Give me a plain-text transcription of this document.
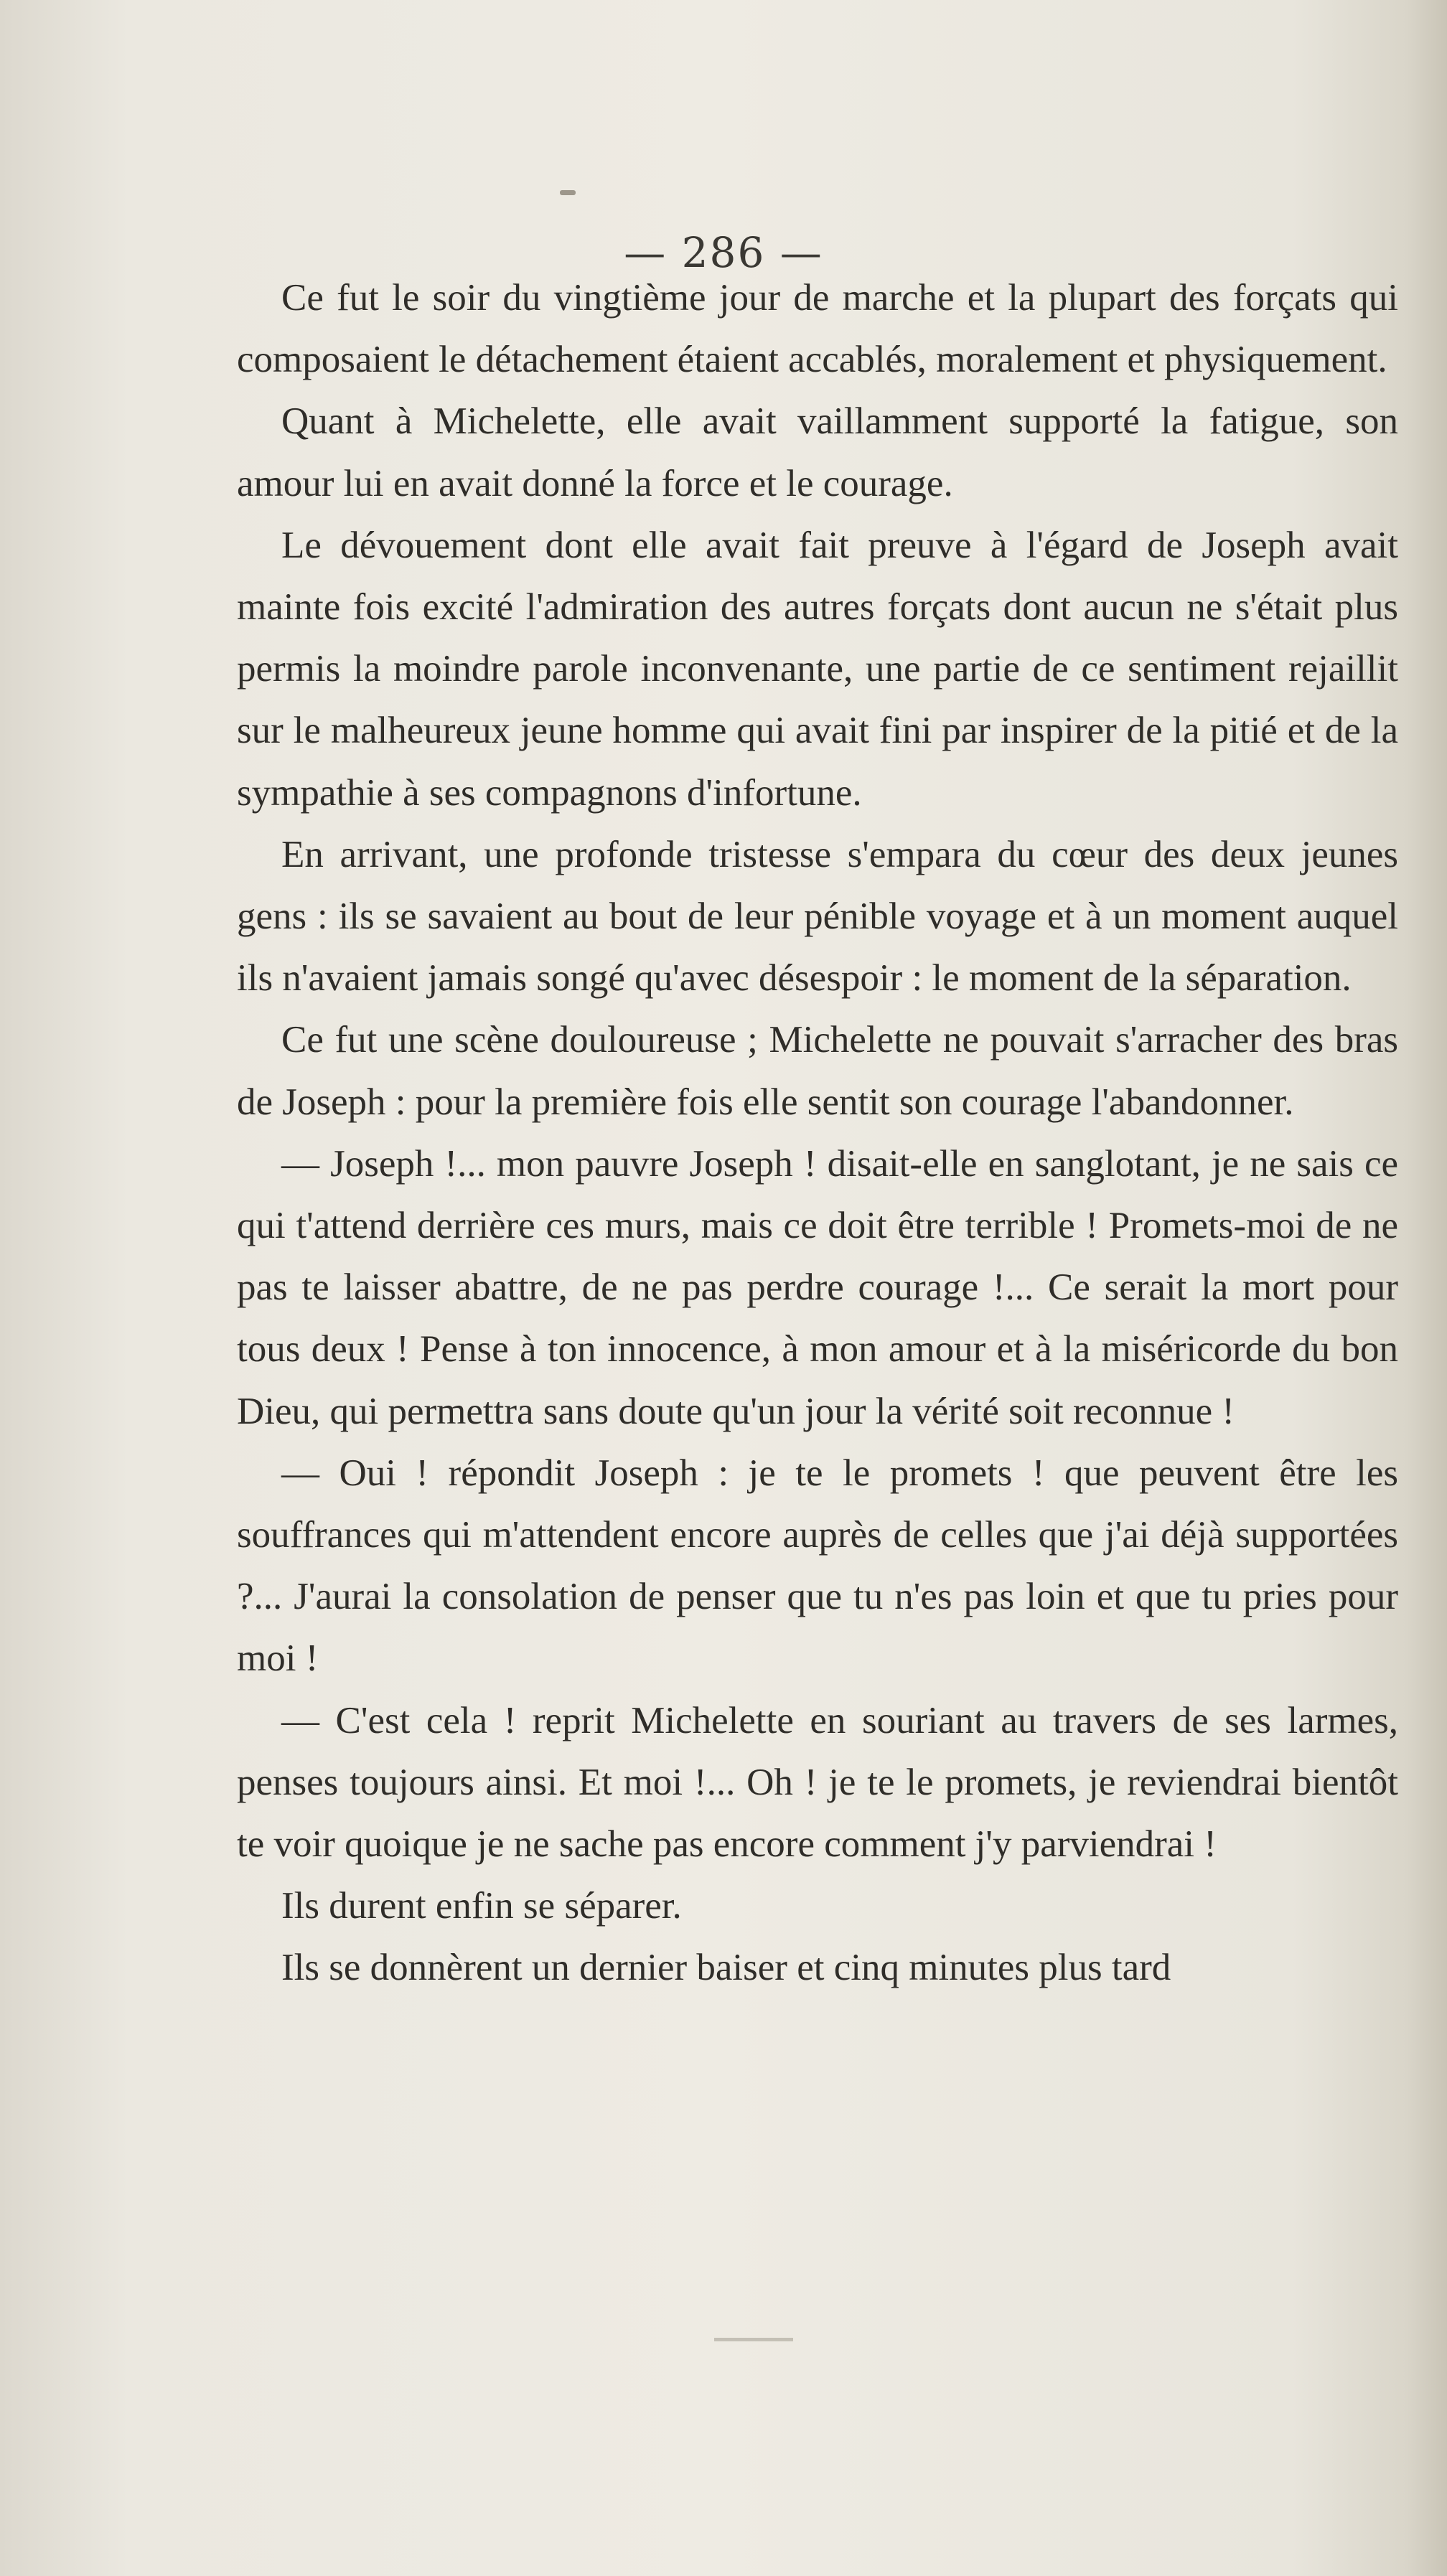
— 286 —

Ce fut le soir du vingtième jour de marche et la plupart des forçats qui composaient le détachement étaient accablés, moralement et physiquement.

Quant à Michelette, elle avait vaillamment supporté la fatigue, son amour lui en avait donné la force et le courage.

Le dévouement dont elle avait fait preuve à l'égard de Joseph avait mainte fois excité l'admiration des autres forçats dont aucun ne s'était plus permis la moindre parole inconvenante, une partie de ce sentiment rejaillit sur le malheureux jeune homme qui avait fini par inspirer de la pitié et de la sympathie à ses compagnons d'infortune.

En arrivant, une profonde tristesse s'empara du cœur des deux jeunes gens : ils se savaient au bout de leur pénible voyage et à un moment auquel ils n'avaient jamais songé qu'avec désespoir : le moment de la séparation.

Ce fut une scène douloureuse ; Michelette ne pouvait s'arracher des bras de Joseph : pour la première fois elle sentit son courage l'abandonner.

— Joseph !... mon pauvre Joseph ! disait-elle en sanglotant, je ne sais ce qui t'attend derrière ces murs, mais ce doit être terrible ! Promets-moi de ne pas te laisser abattre, de ne pas perdre courage !... Ce serait la mort pour tous deux ! Pense à ton innocence, à mon amour et à la miséricorde du bon Dieu, qui permettra sans doute qu'un jour la vérité soit reconnue !

— Oui ! répondit Joseph : je te le promets ! que peuvent être les souffrances qui m'attendent encore auprès de celles que j'ai déjà supportées ?... J'aurai la consolation de penser que tu n'es pas loin et que tu pries pour moi !

— C'est cela ! reprit Michelette en souriant au travers de ses larmes, penses toujours ainsi. Et moi !... Oh ! je te le promets, je reviendrai bientôt te voir quoique je ne sache pas encore comment j'y parviendrai !

Ils durent enfin se séparer.

Ils se donnèrent un dernier baiser et cinq minutes plus tard
